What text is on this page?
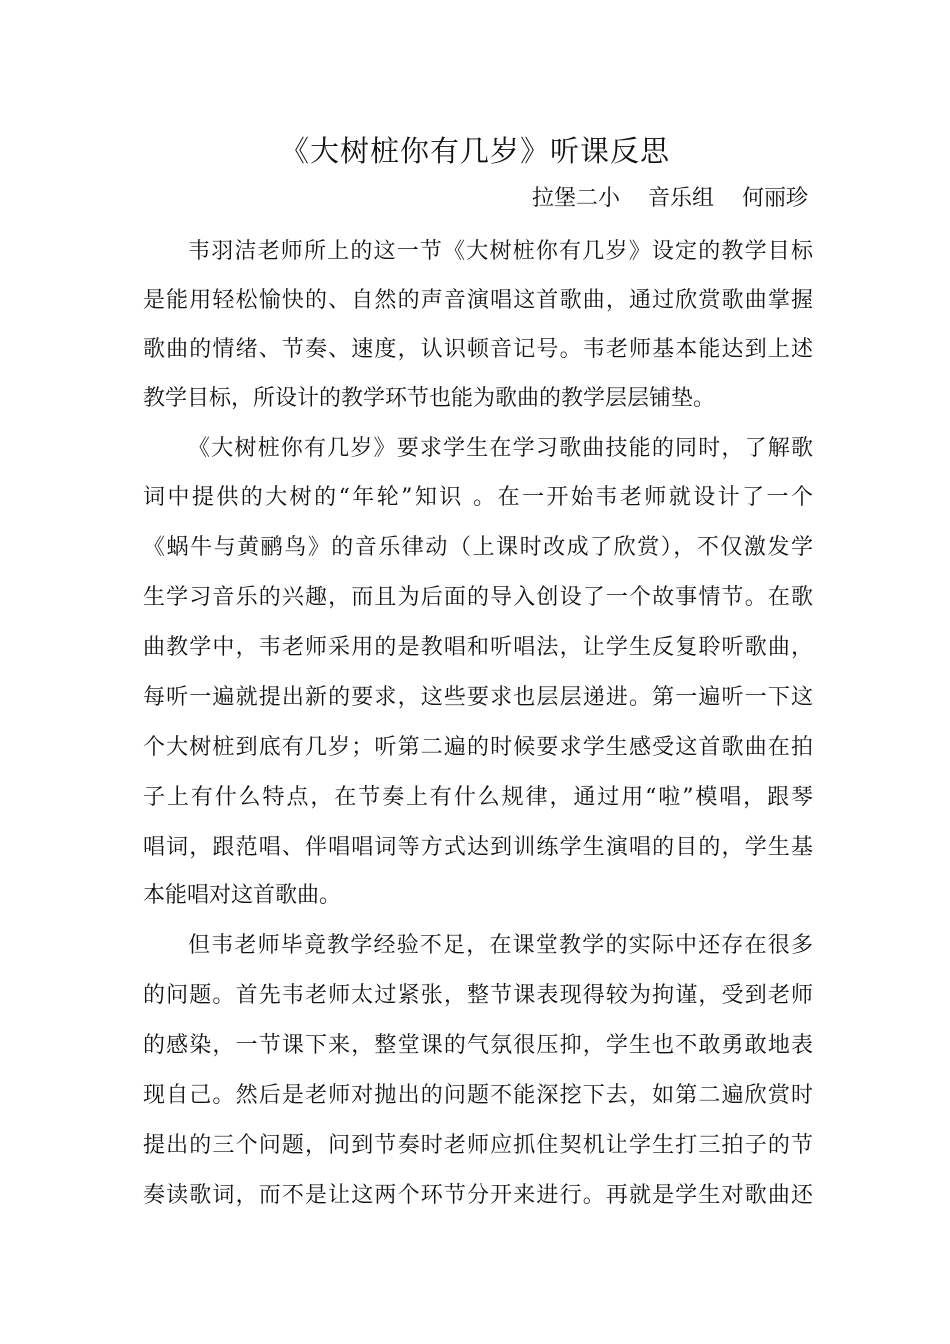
《大树桩你有几岁》听课反思
拉堡二小    音乐组    何丽珍
韦羽洁老师所上的这一节《大树桩你有几岁》设定的教学目标
是能用轻松愉快的、自然的声音演唱这首歌曲，通过欣赏歌曲掌握
歌曲的情绪、节奏、速度，认识顿音记号。韦老师基本能达到上述
教学目标，所设计的教学环节也能为歌曲的教学层层铺垫。
《大树桩你有几岁》要求学生在学习歌曲技能的同时，了解歌
词中提供的大树的“年轮”知识 。在一开始韦老师就设计了一个
《蜗牛与黄鹂鸟》的音乐律动（上课时改成了欣赏），不仅激发学
生学习音乐的兴趣，而且为后面的导入创设了一个故事情节。在歌
曲教学中，韦老师采用的是教唱和听唱法，让学生反复聆听歌曲，
每听一遍就提出新的要求，这些要求也层层递进。第一遍听一下这
个大树桩到底有几岁；听第二遍的时候要求学生感受这首歌曲在拍
子上有什么特点，在节奏上有什么规律，通过用“啦”模唱，跟琴
唱词，跟范唱、伴唱唱词等方式达到训练学生演唱的目的，学生基
本能唱对这首歌曲。
但韦老师毕竟教学经验不足，在课堂教学的实际中还存在很多
的问题。首先韦老师太过紧张，整节课表现得较为拘谨，受到老师
的感染，一节课下来，整堂课的气氛很压抑，学生也不敢勇敢地表
现自己。然后是老师对抛出的问题不能深挖下去，如第二遍欣赏时
提出的三个问题，问到节奏时老师应抓住契机让学生打三拍子的节
奏读歌词，而不是让这两个环节分开来进行。再就是学生对歌曲还
